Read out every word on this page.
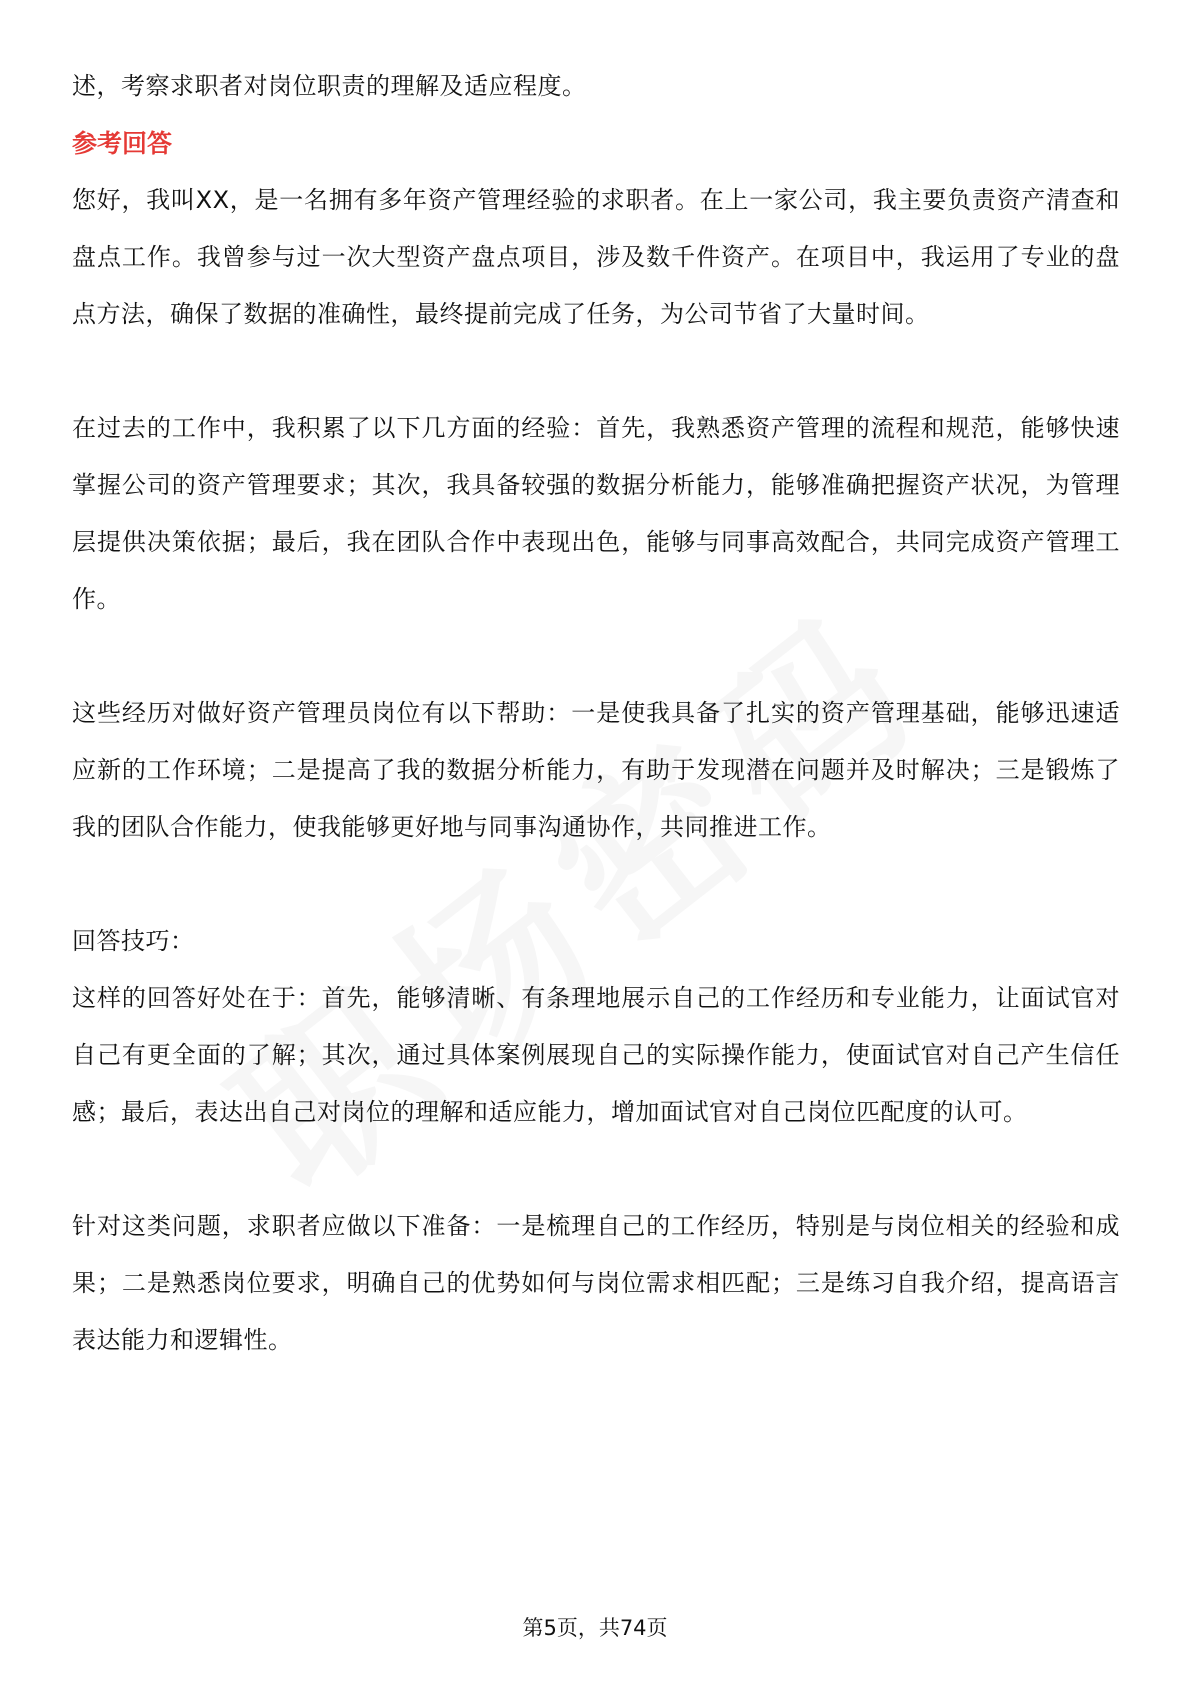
述，考察求职者对岗位职责的理解及适应程度。

参考回答

您好，我叫XX，是一名拥有多年资产管理经验的求职者。在上一家公司，我主要负责资产清查和盘点工作。我曾参与过一次大型资产盘点项目，涉及数千件资产。在项目中，我运用了专业的盘点方法，确保了数据的准确性，最终提前完成了任务，为公司节省了大量时间。

在过去的工作中，我积累了以下几方面的经验：首先，我熟悉资产管理的流程和规范，能够快速掌握公司的资产管理要求；其次，我具备较强的数据分析能力，能够准确把握资产状况，为管理层提供决策依据；最后，我在团队合作中表现出色，能够与同事高效配合，共同完成资产管理工作。

这些经历对做好资产管理员岗位有以下帮助：一是使我具备了扎实的资产管理基础，能够迅速适应新的工作环境；二是提高了我的数据分析能力，有助于发现潜在问题并及时解决；三是锻炼了我的团队合作能力，使我能够更好地与同事沟通协作，共同推进工作。

回答技巧：

这样的回答好处在于：首先，能够清晰、有条理地展示自己的工作经历和专业能力，让面试官对自己有更全面的了解；其次，通过具体案例展现自己的实际操作能力，使面试官对自己产生信任感；最后，表达出自己对岗位的理解和适应能力，增加面试官对自己岗位匹配度的认可。

针对这类问题，求职者应做以下准备：一是梳理自己的工作经历，特别是与岗位相关的经验和成果；二是熟悉岗位要求，明确自己的优势如何与岗位需求相匹配；三是练习自我介绍，提高语言表达能力和逻辑性。

第5页，共74页
